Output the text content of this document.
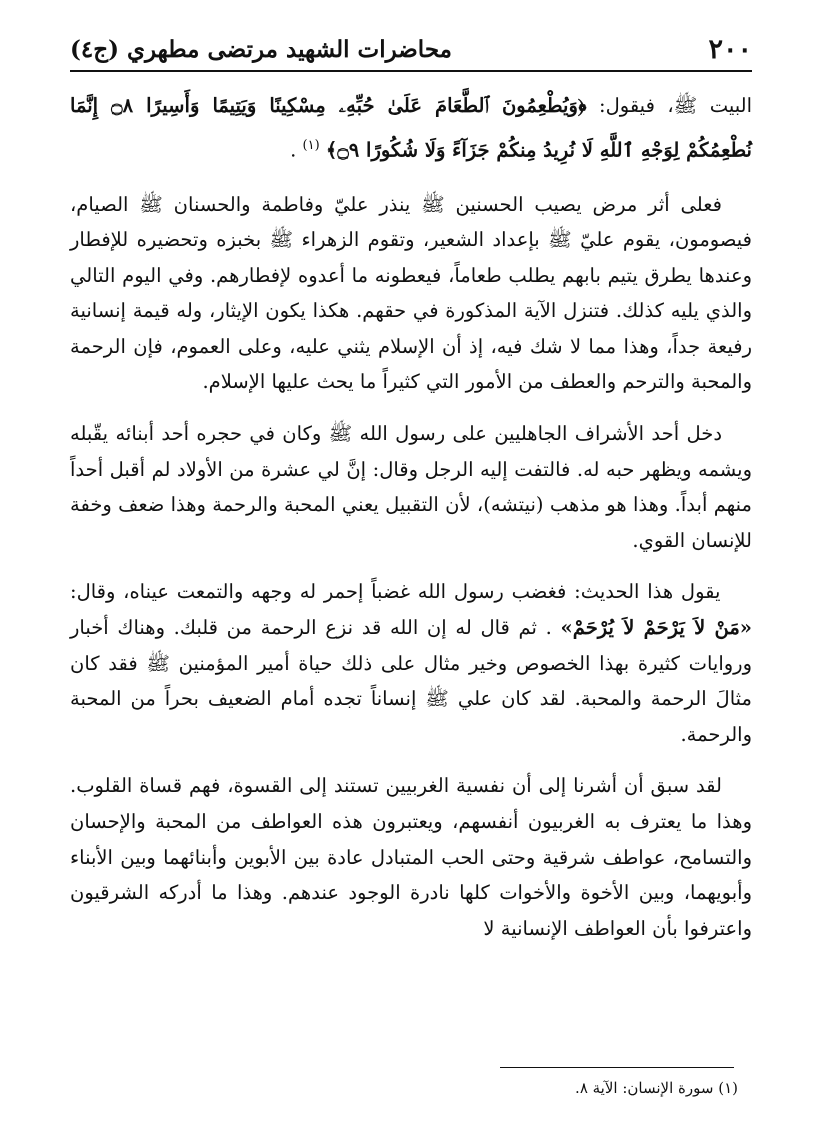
٢٠٠
محاضرات الشهيد مرتضى مطهري (ج٤)

البيت ﷺ، فيقول: ﴿وَيُطْعِمُونَ ٱلطَّعَامَ عَلَىٰ حُبِّهِۦ مِسْكِينًا وَيَتِيمًا وَأَسِيرًا ۝٨ إِنَّمَا نُطْعِمُكُمْ لِوَجْهِ ٱللَّهِ لَا نُرِيدُ مِنكُمْ جَزَآءً وَلَا شُكُورًا ۝٩﴾ $^{(١)}$ .

فعلى أثر مرض يصيب الحسنين ﷺ ينذر عليّ وفاطمة والحسنان ﷺ الصيام، فيصومون، يقوم عليّ ﷺ بإعداد الشعير، وتقوم الزهراء ﷺ بخبزه وتحضيره للإفطار وعندها يطرق يتيم بابهم يطلب طعاماً، فيعطونه ما أعدوه لإفطارهم. وفي اليوم التالي والذي يليه كذلك. فتنزل الآية المذكورة في حقهم. هكذا يكون الإيثار، وله قيمة إنسانية رفيعة جداً، وهذا مما لا شك فيه، إذ أن الإسلام يثني عليه، وعلى العموم، فإن الرحمة والمحبة والترحم والعطف من الأمور التي كثيراً ما يحث عليها الإسلام.

دخل أحد الأشراف الجاهليين على رسول الله ﷺ وكان في حجره أحد أبنائه يقّبله ويشمه ويظهر حبه له. فالتفت إليه الرجل وقال: إنَّ لي عشرة من الأولاد لم أقبل أحداً منهم أبداً. وهذا هو مذهب (نيتشه)، لأن التقبيل يعني المحبة والرحمة وهذا ضعف وخفة للإنسان القوي.

يقول هذا الحديث: فغضب رسول الله غضباً إحمر له وجهه والتمعت عيناه، وقال: «مَنْ لاَ يَرْحَمْ لاَ يُرْحَمْ» . ثم قال له إن الله قد نزع الرحمة من قلبك. وهناك أخبار وروايات كثيرة بهذا الخصوص وخير مثال على ذلك حياة أمير المؤمنين ﷺ فقد كان مثالَ الرحمة والمحبة. لقد كان علي ﷺ إنساناً تجده أمام الضعيف بحراً من المحبة والرحمة.

لقد سبق أن أشرنا إلى أن نفسية الغربيين تستند إلى القسوة، فهم قساة القلوب. وهذا ما يعترف به الغربيون أنفسهم، ويعتبرون هذه العواطف من المحبة والإحسان والتسامح، عواطف شرقية وحتى الحب المتبادل عادة بين الأبوين وأبنائهما وبين الأبناء وأبويهما، وبين الأخوة والأخوات كلها نادرة الوجود عندهم. وهذا ما أدركه الشرقيون واعترفوا بأن العواطف الإنسانية لا

(١) سورة الإنسان: الآية ٨.
